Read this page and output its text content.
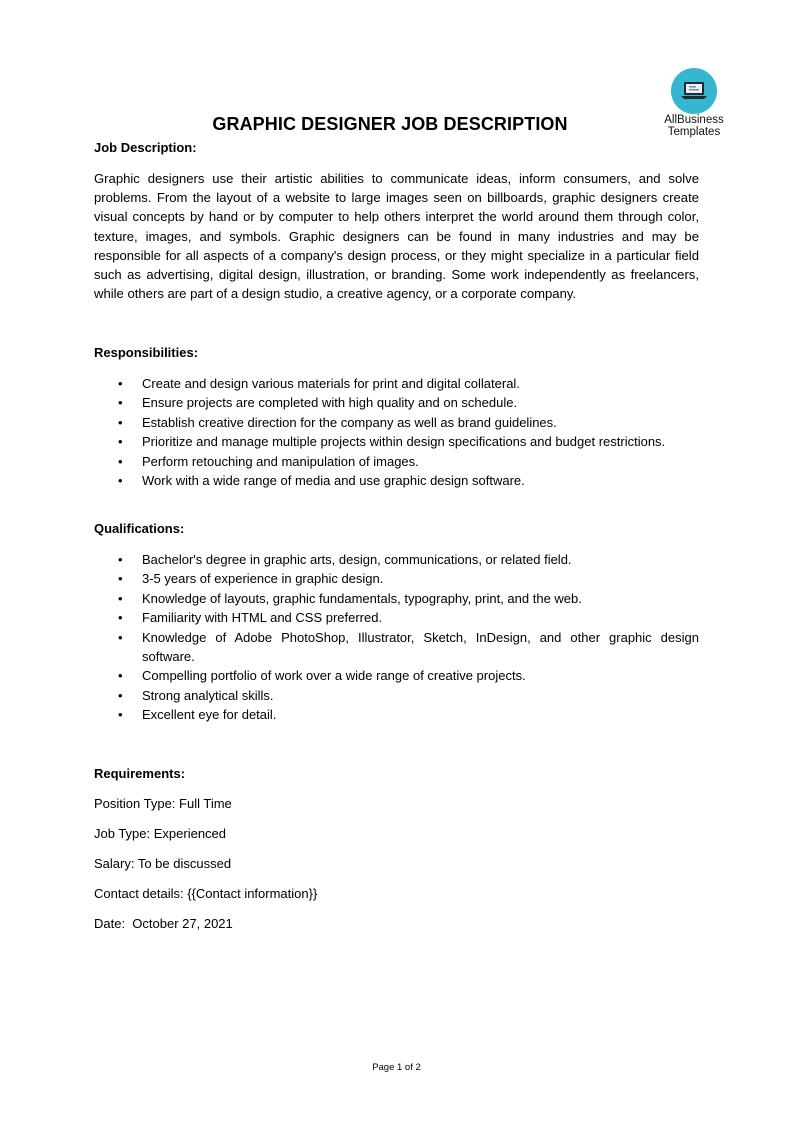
AllBusiness
Templates
GRAPHIC DESIGNER JOB DESCRIPTION
Job Description:
Graphic designers use their artistic abilities to communicate ideas, inform consumers, and solve problems. From the layout of a website to large images seen on billboards, graphic designers create visual concepts by hand or by computer to help others interpret the world around them through color, texture, images, and symbols. Graphic designers can be found in many industries and may be responsible for all aspects of a company's design process, or they might specialize in a particular field such as advertising, digital design, illustration, or branding. Some work independently as freelancers, while others are part of a design studio, a creative agency, or a corporate company.
Responsibilities:
• Create and design various materials for print and digital collateral.
• Ensure projects are completed with high quality and on schedule.
• Establish creative direction for the company as well as brand guidelines.
• Prioritize and manage multiple projects within design specifications and budget restrictions.
• Perform retouching and manipulation of images.
• Work with a wide range of media and use graphic design software.
Qualifications:
• Bachelor's degree in graphic arts, design, communications, or related field.
• 3-5 years of experience in graphic design.
• Knowledge of layouts, graphic fundamentals, typography, print, and the web.
• Familiarity with HTML and CSS preferred.
• Knowledge of Adobe PhotoShop, Illustrator, Sketch, InDesign, and other graphic design software.
• Compelling portfolio of work over a wide range of creative projects.
• Strong analytical skills.
• Excellent eye for detail.
Requirements:
Position Type: Full Time
Job Type: Experienced
Salary: To be discussed
Contact details: {{Contact information}}
Date:  October 27, 2021
Page 1 of 2
